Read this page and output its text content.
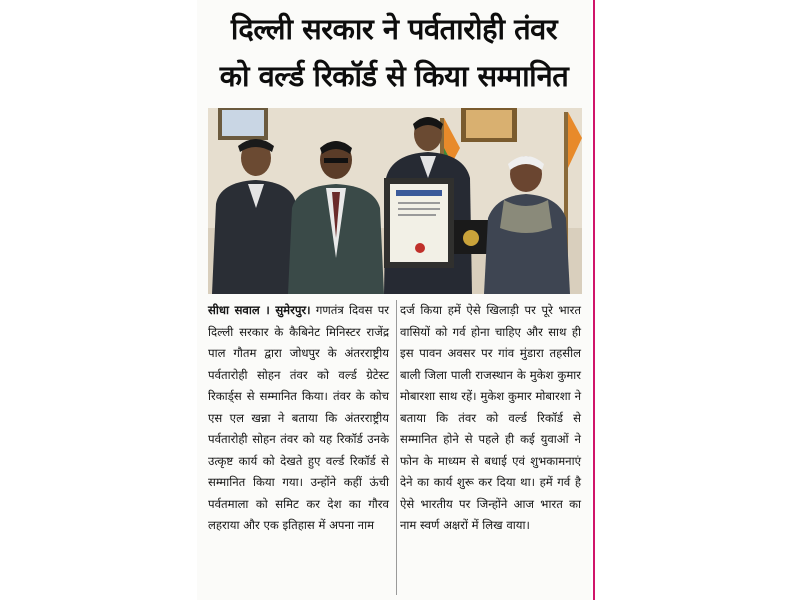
दिल्ली सरकार ने पर्वतारोही तंवर
को वर्ल्ड रिकॉर्ड से किया सम्मानित

सीधा सवाल । सुमेरपुर। गणतंत्र दिवस पर दिल्ली सरकार के कैबिनेट मिनिस्टर राजेंद्र पाल गौतम द्वारा जोधपुर के अंतरराष्ट्रीय पर्वतारोही सोहन तंवर को वर्ल्ड ग्रेटेस्ट रिकार्ड्स से सम्मानित किया। तंवर के कोच एस एल खन्ना ने बताया कि अंतरराष्ट्रीय पर्वतारोही सोहन तंवर को यह रिकॉर्ड उनके उत्कृष्ट कार्य को देखते हुए वर्ल्ड रिकॉर्ड से सम्मानित किया गया। उन्होंने कहीं ऊंची पर्वतमाला को समिट कर देश का गौरव लहराया और एक इतिहास में अपना नाम

दर्ज किया हमें ऐसे खिलाड़ी पर पूरे भारत वासियों को गर्व होना चाहिए और साथ ही इस पावन अवसर पर गांव मुंडारा तहसील बाली जिला पाली राजस्थान के मुकेश कुमार मोबारशा साथ रहें। मुकेश कुमार मोबारशा ने बताया कि तंवर को वर्ल्ड रिकॉर्ड से सम्मानित होने से पहले ही कई युवाओं ने फोन के माध्यम से बधाई एवं शुभकामनाएं देने का कार्य शुरू कर दिया था। हमें गर्व है ऐसे भारतीय पर जिन्होंने आज भारत का नाम स्वर्ण अक्षरों में लिख वाया।
